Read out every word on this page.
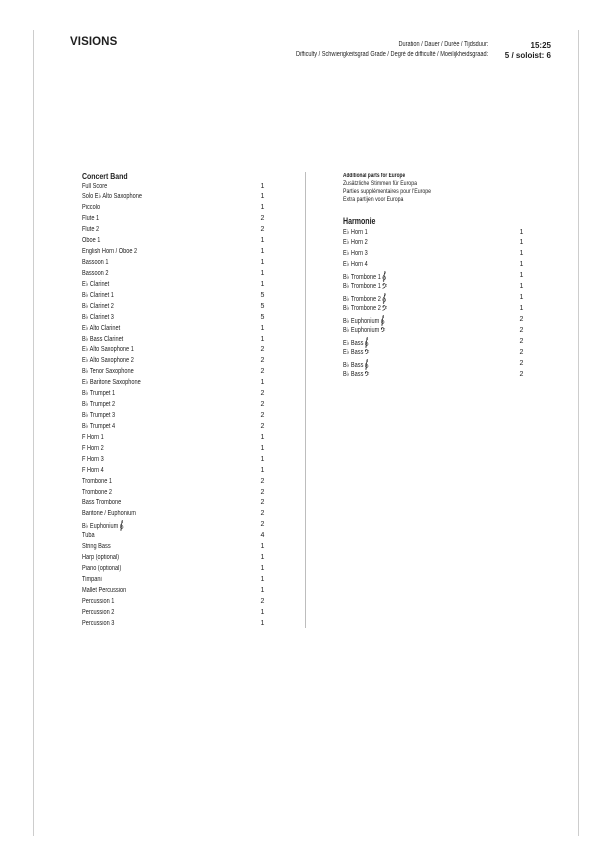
VISIONS	Duration / Dauer / Durée / Tijdsduur:	15:25
Difficulty / Schwierigkeitsgrad Grade / Degré de difficulté / Moeilijkheidsgraad: 5 / soloist: 6
Concert Band
Full Score	1
Solo E♭ Alto Saxophone	1
Piccolo	1
Flute 1	2
Flute 2	2
Oboe 1	1
English Horn / Oboe 2	1
Bassoon 1	1
Bassoon 2	1
E♭ Clarinet	1
B♭ Clarinet 1	5
B♭ Clarinet 2	5
B♭ Clarinet 3	5
E♭ Alto Clarinet	1
B♭ Bass Clarinet	1
E♭ Alto Saxophone 1	2
E♭ Alto Saxophone 2	2
B♭ Tenor Saxophone	2
E♭ Baritone Saxophone	1
B♭ Trumpet 1	2
B♭ Trumpet 2	2
B♭ Trumpet 3	2
B♭ Trumpet 4	2
F Horn 1	1
F Horn 2	1
F Horn 3	1
F Horn 4	1
Trombone 1	2
Trombone 2	2
Bass Trombone	2
Baritone / Euphonium	2
B♭ Euphonium	2
Tuba	4
String Bass	1
Harp (optional)	1
Piano (optional)	1
Timpani	1
Mallet Percussion	1
Percussion 1	2
Percussion 2	1
Percussion 3	1
Additional parts for Europe
Zusätzliche Stimmen für Europa
Parties supplémentaires pour l'Europe
Extra partijen voor Europa
Harmonie
E♭ Horn 1	1
E♭ Horn 2	1
E♭ Horn 3	1
E♭ Horn 4	1
B♭ Trombone 1	1
B♭ Trombone 1	1
B♭ Trombone 2	1
B♭ Trombone 2	1
B♭ Euphonium	2
B♭ Euphonium	2
E♭ Bass	2
E♭ Bass	2
B♭ Bass	2
B♭ Bass	2
